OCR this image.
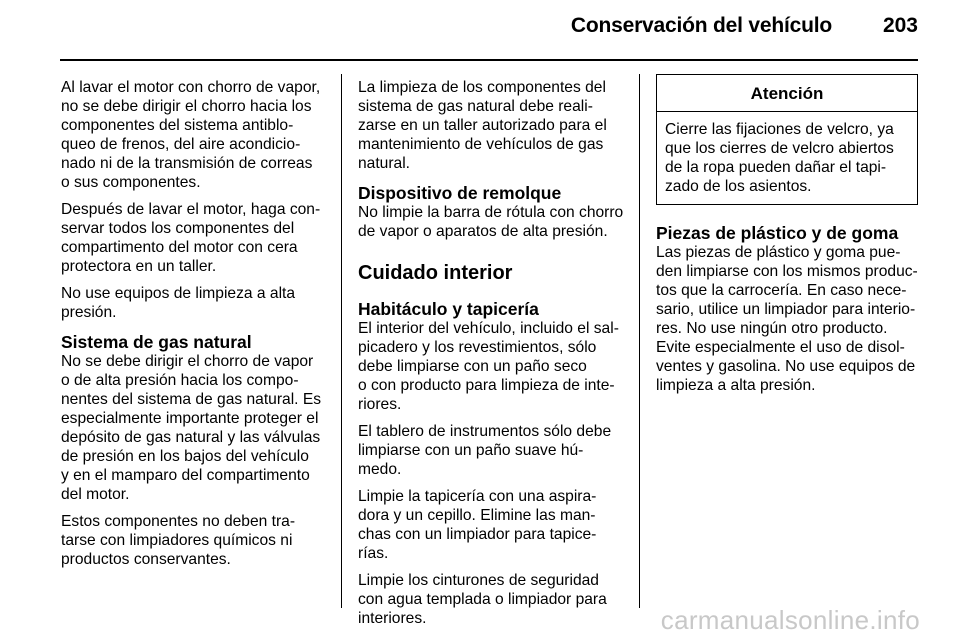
Conservación del vehículo 203

Al lavar el motor con chorro de vapor,
no se debe dirigir el chorro hacia los
componentes del sistema antiblo-
queo de frenos, del aire acondicio-
nado ni de la transmisión de correas
o sus componentes.

Después de lavar el motor, haga con-
servar todos los componentes del
compartimento del motor con cera
protectora en un taller.

No use equipos de limpieza a alta
presión.

Sistema de gas natural

No se debe dirigir el chorro de vapor
o de alta presión hacia los compo-
nentes del sistema de gas natural. Es
especialmente importante proteger el
depósito de gas natural y las válvulas
de presión en los bajos del vehículo
y en el mamparo del compartimento
del motor.

Estos componentes no deben tra-
tarse con limpiadores químicos ni
productos conservantes.

La limpieza de los componentes del
sistema de gas natural debe reali-
zarse en un taller autorizado para el
mantenimiento de vehículos de gas
natural.

Dispositivo de remolque

No limpie la barra de rótula con chorro
de vapor o aparatos de alta presión.

Cuidado interior
Habitáculo y tapicería

El interior del vehículo, incluido el sal-
picadero y los revestimientos, sólo
debe limpiarse con un paño seco
o con producto para limpieza de inte-
riores.

El tablero de instrumentos sólo debe
limpiarse con un paño suave hú-
medo.

Limpie la tapicería con una aspira-
dora y un cepillo. Elimine las man-
chas con un limpiador para tapice-
rías.

Limpie los cinturones de seguridad
con agua templada o limpiador para
interiores.

Atención
Cierre las fijaciones de velcro, ya
que los cierres de velcro abiertos
de la ropa pueden dañar el tapi-
zado de los asientos.
Piezas de plástico y de goma

Las piezas de plástico y goma pue-
den limpiarse con los mismos produc-
tos que la carrocería. En caso nece-
sario, utilice un limpiador para interio-
res. No use ningún otro producto.
Evite especialmente el uso de disol-
ventes y gasolina. No use equipos de
limpieza a alta presión.

carmanualsonline.info
